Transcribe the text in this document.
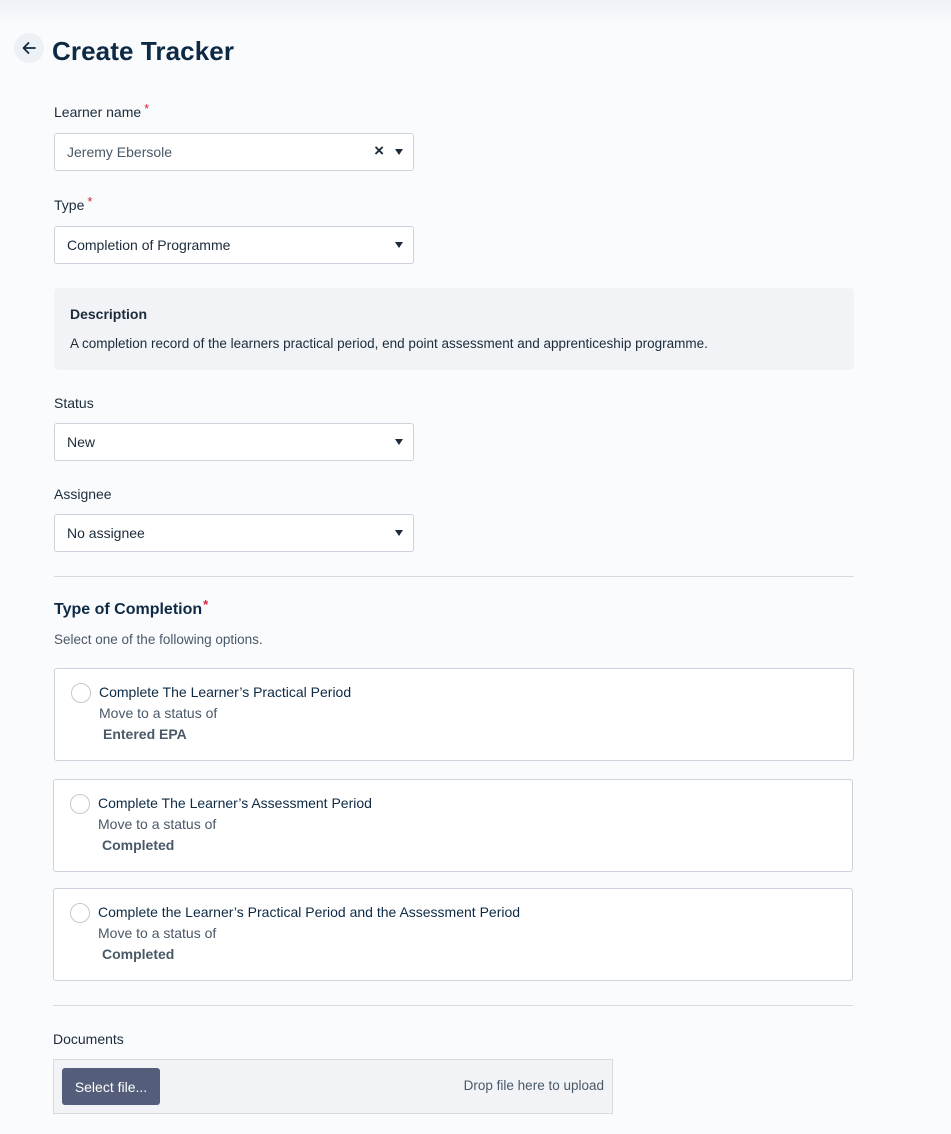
Create Tracker
Learner name *
Jeremy Ebersole	×
Type *
Completion of Programme
Description
A completion record of the learners practical period, end point assessment and apprenticeship programme.
Status
New
Assignee
No assignee
Type of Completion*
Select one of the following options.
Complete The Learner’s Practical Period
Move to a status of
Entered EPA
Complete The Learner’s Assessment Period
Move to a status of
Completed
Complete the Learner’s Practical Period and the Assessment Period
Move to a status of
Completed
Documents
Select file...	Drop file here to upload
